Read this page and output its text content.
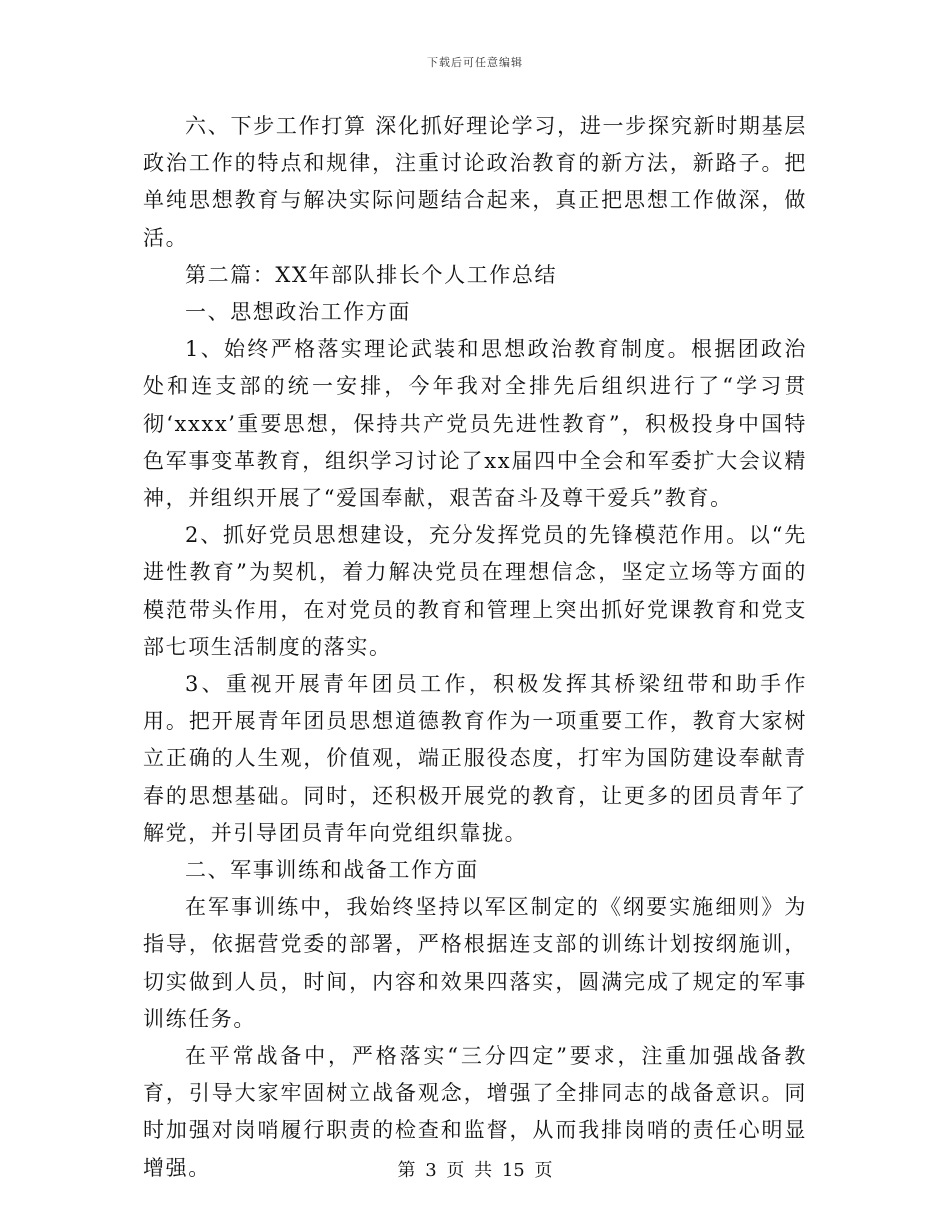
下载后可任意编辑

六、下步工作打算 深化抓好理论学习，进一步探究新时期基层政治工作的特点和规律，注重讨论政治教育的新方法，新路子。把单纯思想教育与解决实际问题结合起来，真正把思想工作做深，做活。

第二篇：XX年部队排长个人工作总结

一、思想政治工作方面

1、始终严格落实理论武装和思想政治教育制度。根据团政治处和连支部的统一安排，今年我对全排先后组织进行了“学习贯彻‘xxxx’重要思想，保持共产党员先进性教育”，积极投身中国特色军事变革教育，组织学习讨论了xx届四中全会和军委扩大会议精神，并组织开展了“爱国奉献，艰苦奋斗及尊干爱兵”教育。

2、抓好党员思想建设，充分发挥党员的先锋模范作用。以“先进性教育”为契机，着力解决党员在理想信念，坚定立场等方面的模范带头作用，在对党员的教育和管理上突出抓好党课教育和党支部七项生活制度的落实。

3、重视开展青年团员工作，积极发挥其桥梁纽带和助手作用。把开展青年团员思想道德教育作为一项重要工作，教育大家树立正确的人生观，价值观，端正服役态度，打牢为国防建设奉献青春的思想基础。同时，还积极开展党的教育，让更多的团员青年了解党，并引导团员青年向党组织靠拢。

二、军事训练和战备工作方面

在军事训练中，我始终坚持以军区制定的《纲要实施细则》为指导，依据营党委的部署，严格根据连支部的训练计划按纲施训，切实做到人员，时间，内容和效果四落实，圆满完成了规定的军事训练任务。

在平常战备中，严格落实“三分四定”要求，注重加强战备教育，引导大家牢固树立战备观念，增强了全排同志的战备意识。同时加强对岗哨履行职责的检查和监督，从而我排岗哨的责任心明显增强。	第 3 页 共 15 页
